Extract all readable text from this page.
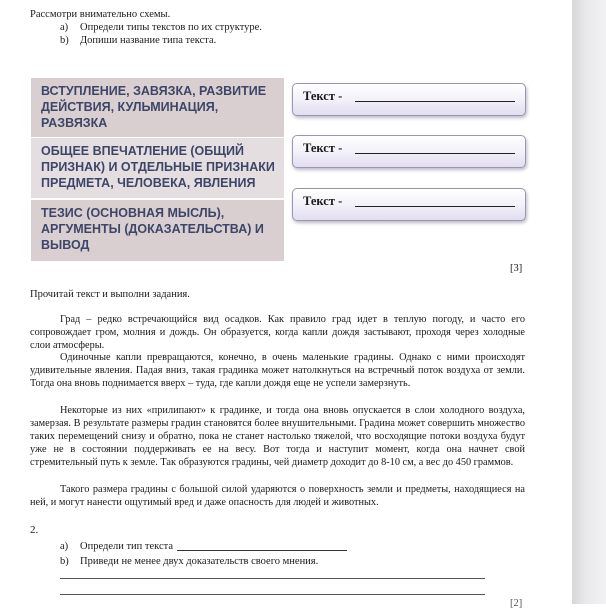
Рассмотри внимательно схемы.
a) Определи типы текстов по их структуре.
b) Допиши название типа текста.
ВСТУПЛЕНИЕ, ЗАВЯЗКА, РАЗВИТИЕ ДЕЙСТВИЯ, КУЛЬМИНАЦИЯ, РАЗВЯЗКА
ОБЩЕЕ ВПЕЧАТЛЕНИЕ (ОБЩИЙ ПРИЗНАК) И ОТДЕЛЬНЫЕ ПРИЗНАКИ ПРЕДМЕТА, ЧЕЛОВЕКА, ЯВЛЕНИЯ
ТЕЗИС (ОСНОВНАЯ МЫСЛЬ), АРГУМЕНТЫ (ДОКАЗАТЕЛЬСТВА) И ВЫВОД
Текст -
Текст -
Текст -
[3]
Прочитай текст и выполни задания.
Град – редко встречающийся вид осадков. Как правило град идет в теплую погоду, и часто его сопровождает гром, молния и дождь. Он образуется, когда капли дождя застывают, проходя через холодные слои атмосферы.
Одиночные капли превращаются, конечно, в очень маленькие градины. Однако с ними происходят удивительные явления. Падая вниз, такая градинка может натолкнуться на встречный поток воздуха от земли. Тогда она вновь поднимается вверх – туда, где капли дождя еще не успели замерзнуть.
Некоторые из них «прилипают» к градинке, и тогда она вновь опускается в слои холодного воздуха, замерзая. В результате размеры градин становятся более внушительными. Градина может совершить множество таких перемещений снизу и обратно, пока не станет настолько тяжелой, что восходящие потоки воздуха будут уже не в состоянии поддерживать ее на весу. Вот тогда и наступит момент, когда она начнет свой стремительный путь к земле. Так образуются градины, чей диаметр доходит до 8-10 см, а вес до 450 граммов.
Такого размера градины с большой силой ударяются о поверхность земли и предметы, находящиеся на ней, и могут нанести ощутимый вред и даже опасность для людей и животных.
2.
a) Определи тип текста
b) Приведи не менее двух доказательств своего мнения.
[2]
